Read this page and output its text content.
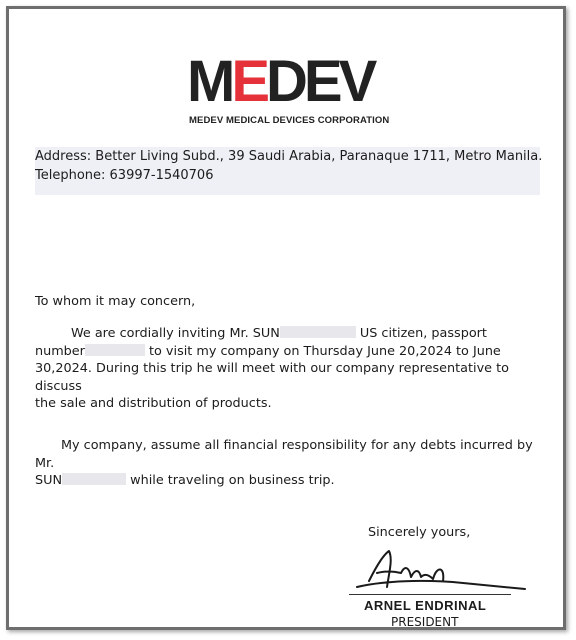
MEDEV
MEDEV MEDICAL DEVICES CORPORATION

Address: Better Living Subd., 39 Saudi Arabia, Paranaque 1711, Metro Manila.

Telephone: 63997-1540706

To whom it may concern,
We are cordially inviting Mr. SUN	US citizen, passport
number	to visit my company on Thursday June 20,2024 to June
30,2024. During this trip he will meet with our company representative to discuss
the sale and distribution of products.
My company, assume all financial responsibility for any debts incurred by Mr.
SUN	while traveling on business trip.
Sincerely yours,
ARNEL ENDRINAL
PRESIDENT
